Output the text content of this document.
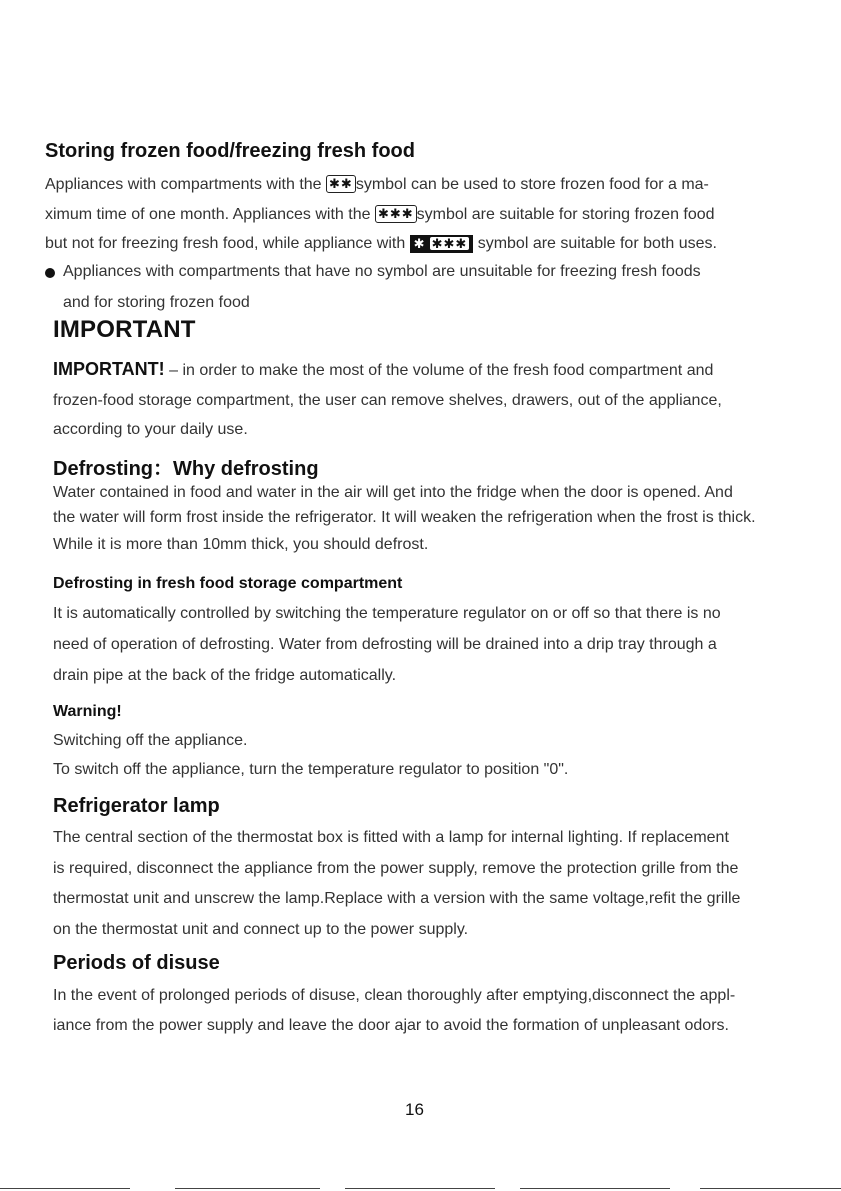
Storing frozen food/freezing fresh food
Appliances with compartments with the ✱✱ symbol can be used to store frozen food for a ma-
ximum time of one month. Appliances with the ✱✱✱ symbol are suitable for storing frozen food
but not for freezing fresh food, while appliance with ✱ ✱✱✱ symbol are suitable for both uses.
Appliances with compartments that have no symbol are unsuitable for freezing fresh foods
and for storing frozen food
IMPORTANT
IMPORTANT! – in order to make the most of the volume of the fresh food compartment and
frozen-food storage compartment, the user can remove shelves, drawers, out of the appliance,
according to your daily use.
Defrosting：Why defrosting
Water contained in food and water in the air will get into the fridge when the door is opened. And
the water will form frost inside the refrigerator. It will weaken the refrigeration when the frost is thick.
While it is more than 10mm thick, you should defrost.
Defrosting in fresh food storage compartment
It is automatically controlled by switching the temperature regulator on or off so that there is no
need of operation of defrosting. Water from defrosting will be drained into a drip tray through a
drain pipe at the back of the fridge automatically.
Warning!
Switching off the appliance.
To switch off the appliance, turn the temperature regulator to position "0".
Refrigerator lamp
The central section of the thermostat box is fitted with a lamp for internal lighting. If replacement
is required, disconnect the appliance from the power supply, remove the protection grille from the
thermostat unit and unscrew the lamp.Replace with a version with the same voltage,refit the grille
on the thermostat unit and connect up to the power supply.
Periods of disuse
In the event of prolonged periods of disuse, clean thoroughly after emptying,disconnect the appl-
iance from the power supply and leave the door ajar to avoid the formation of unpleasant odors.
16
